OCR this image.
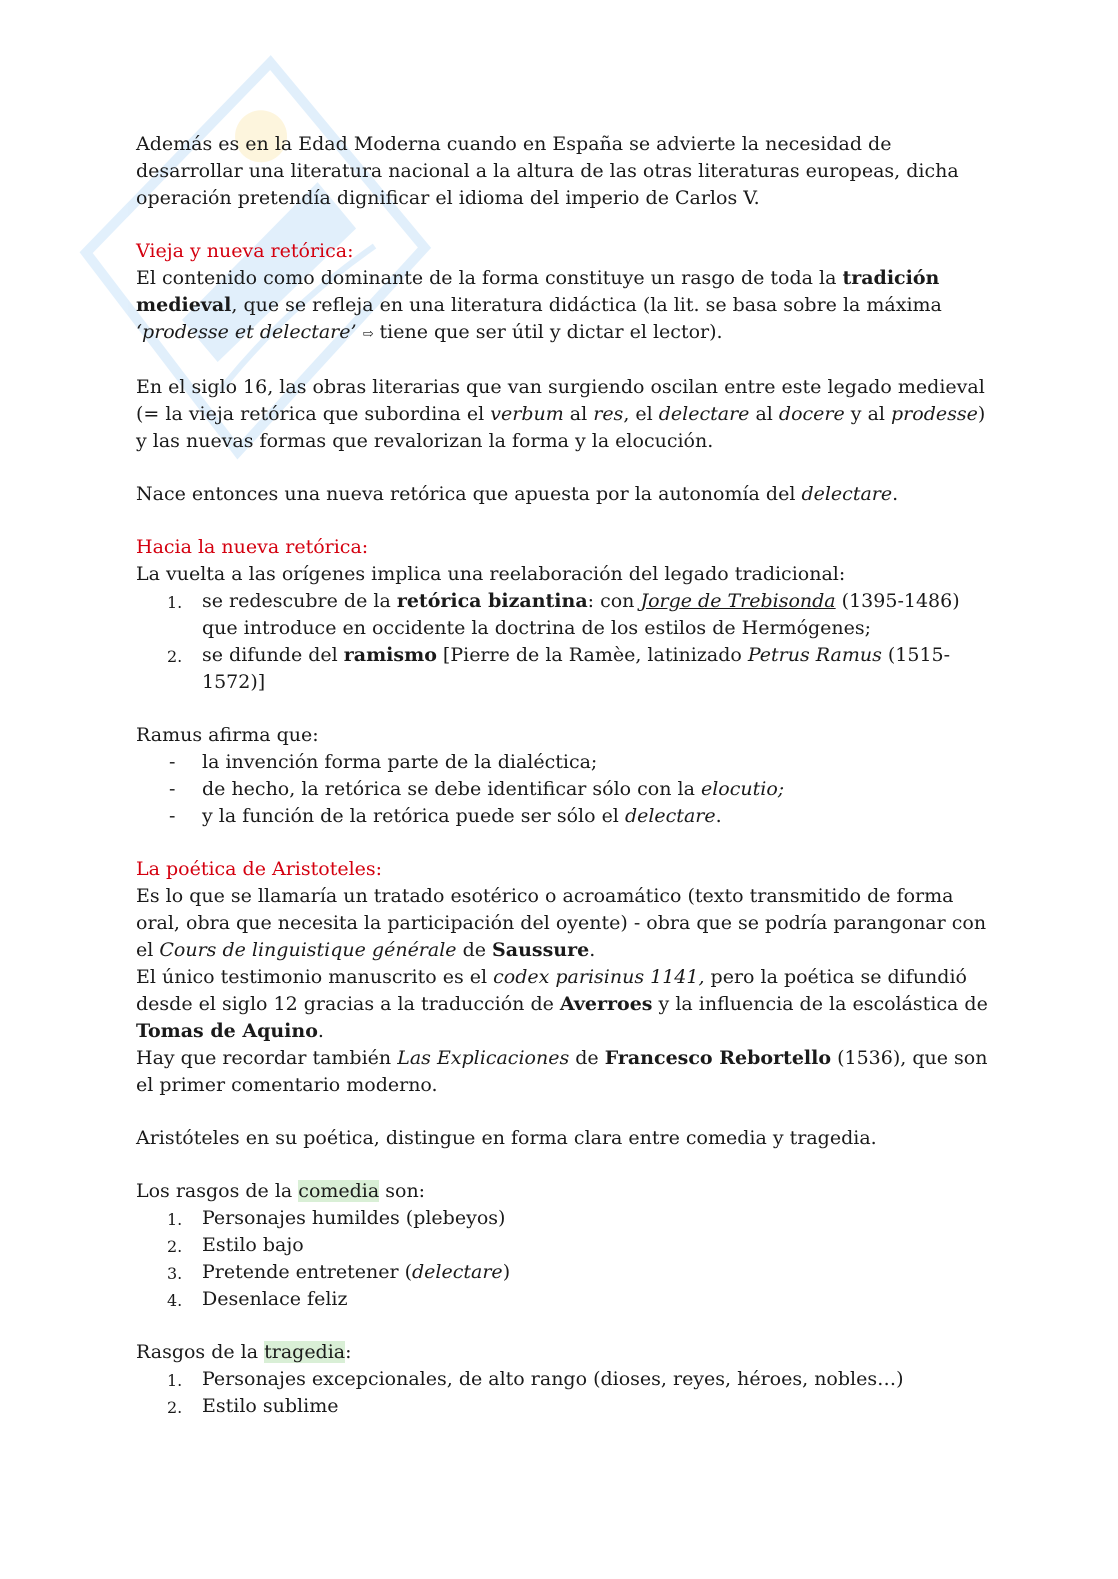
Además es en la Edad Moderna cuando en España se advierte la necesidad de desarrollar una literatura nacional a la altura de las otras literaturas europeas, dicha operación pretendía dignificar el idioma del imperio de Carlos V.

Vieja y nueva retórica:

El contenido como dominante de la forma constituye un rasgo de toda la tradición medieval, que se refleja en una literatura didáctica (la lit. se basa sobre la máxima ‘prodesse et delectare’ ⇨ tiene que ser útil y dictar el lector).

En el siglo 16, las obras literarias que van surgiendo oscilan entre este legado medieval (= la vieja retórica que subordina el verbum al res, el delectare al docere y al prodesse) y las nuevas formas que revalorizan la forma y la elocución.

Nace entonces una nueva retórica que apuesta por la autonomía del delectare.

Hacia la nueva retórica:

La vuelta a las orígenes implica una reelaboración del legado tradicional:

1. se redescubre de la retórica bizantina: con Jorge de Trebisonda (1395-1486) que introduce en occidente la doctrina de los estilos de Hermógenes;
2. se difunde del ramismo [Pierre de la Ramèe, latinizado Petrus Ramus (1515-1572)]

Ramus afirma que:

- la invención forma parte de la dialéctica;
- de hecho, la retórica se debe identificar sólo con la elocutio;
- y la función de la retórica puede ser sólo el delectare.

La poética de Aristoteles:

Es lo que se llamaría un tratado esotérico o acroamático (texto transmitido de forma oral, obra que necesita la participación del oyente) - obra que se podría parangonar con el Cours de linguistique générale de Saussure.

El único testimonio manuscrito es el codex parisinus 1141, pero la poética se difundió desde el siglo 12 gracias a la traducción de Averroes y la influencia de la escolástica de Tomas de Aquino.

Hay que recordar también Las Explicaciones de Francesco Rebortello (1536), que son el primer comentario moderno.

Aristóteles en su poética, distingue en forma clara entre comedia y tragedia.

Los rasgos de la comedia son:

1. Personajes humildes (plebeyos)
2. Estilo bajo
3. Pretende entretener (delectare)
4. Desenlace feliz

Rasgos de la tragedia:

1. Personajes excepcionales, de alto rango (dioses, reyes, héroes, nobles…)
2. Estilo sublime
